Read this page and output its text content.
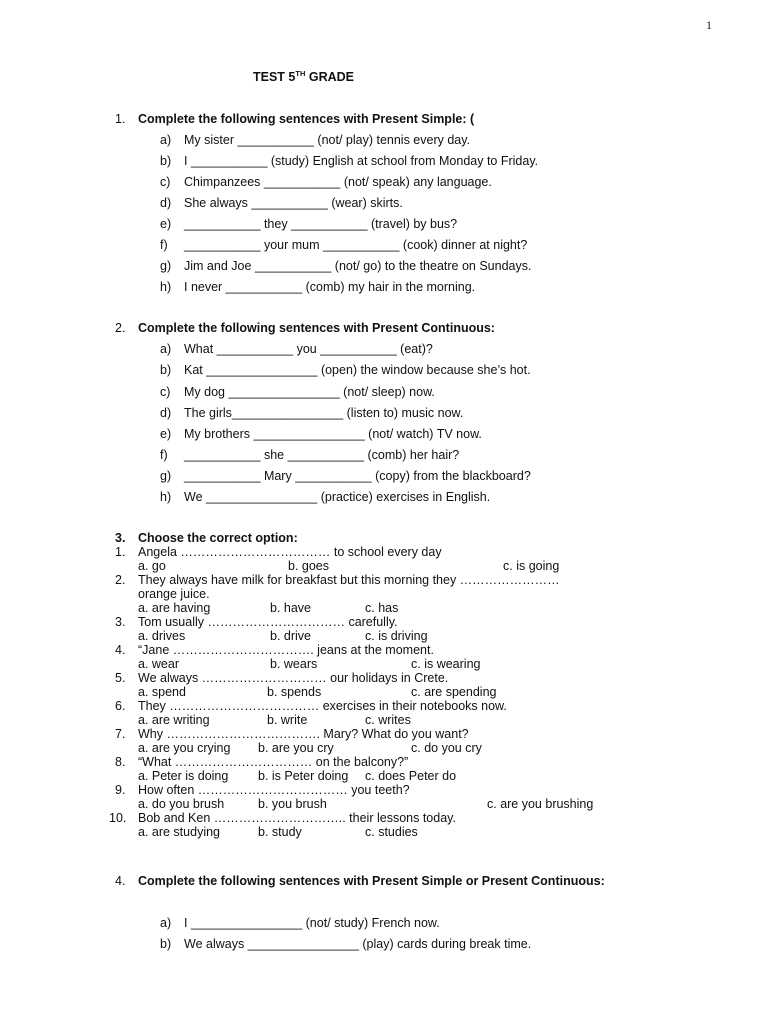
1
TEST 5TH GRADE
1. Complete the following sentences with Present Simple: (
a) My sister ___________ (not/ play) tennis every day.
b) I ___________ (study) English at school from Monday to Friday.
c) Chimpanzees ___________ (not/ speak) any language.
d) She always ___________ (wear) skirts.
e) ___________ they ___________ (travel) by bus?
f) ___________ your mum ___________ (cook) dinner at night?
g) Jim and Joe ___________ (not/ go) to the theatre on Sundays.
h) I never ___________ (comb) my hair in the morning.
2. Complete the following sentences with Present Continuous:
a) What ___________ you ___________ (eat)?
b) Kat ________________ (open) the window because she’s hot.
c) My dog ________________ (not/ sleep) now.
d) The girls________________ (listen to) music now.
e) My brothers ________________ (not/ watch) TV now.
f) ___________ she ___________ (comb) her hair?
g) ___________ Mary ___________ (copy) from the blackboard?
h) We ________________ (practice) exercises in English.
3. Choose the correct option:
1. Angela ……………………………… to school every day
a. go	b. goes	c. is going
2. They always have milk for breakfast but this morning they ……………………
orange juice.
a. are having	b. have	c. has
3. Tom usually …………………………… carefully.
a. drives	b. drive	c. is driving
4. “Jane ……………………………. jeans at the moment.
a. wear	b. wears	c. is wearing
5. We always ………………………… our holidays in Crete.
a. spend	b. spends	c. are spending
6. They ……………………………… exercises in their notebooks now.
a. are writing	b. write	c. writes
7. Why ………………………………. Mary? What do you want?
a. are you crying b. are you cry	c. do you cry
8. “What …………………………… on the balcony?”
a. Peter is doing b. is Peter doing c. does Peter do
9. How often ……………………………… you teeth?
a. do you brush	b. you brush	c. are you brushing
10. Bob and Ken ………………………….. their lessons today.
a. are studying	b. study	c. studies
4. Complete the following sentences with Present Simple or Present Continuous:
a) I ________________ (not/ study) French now.
b) We always ________________ (play) cards during break time.
